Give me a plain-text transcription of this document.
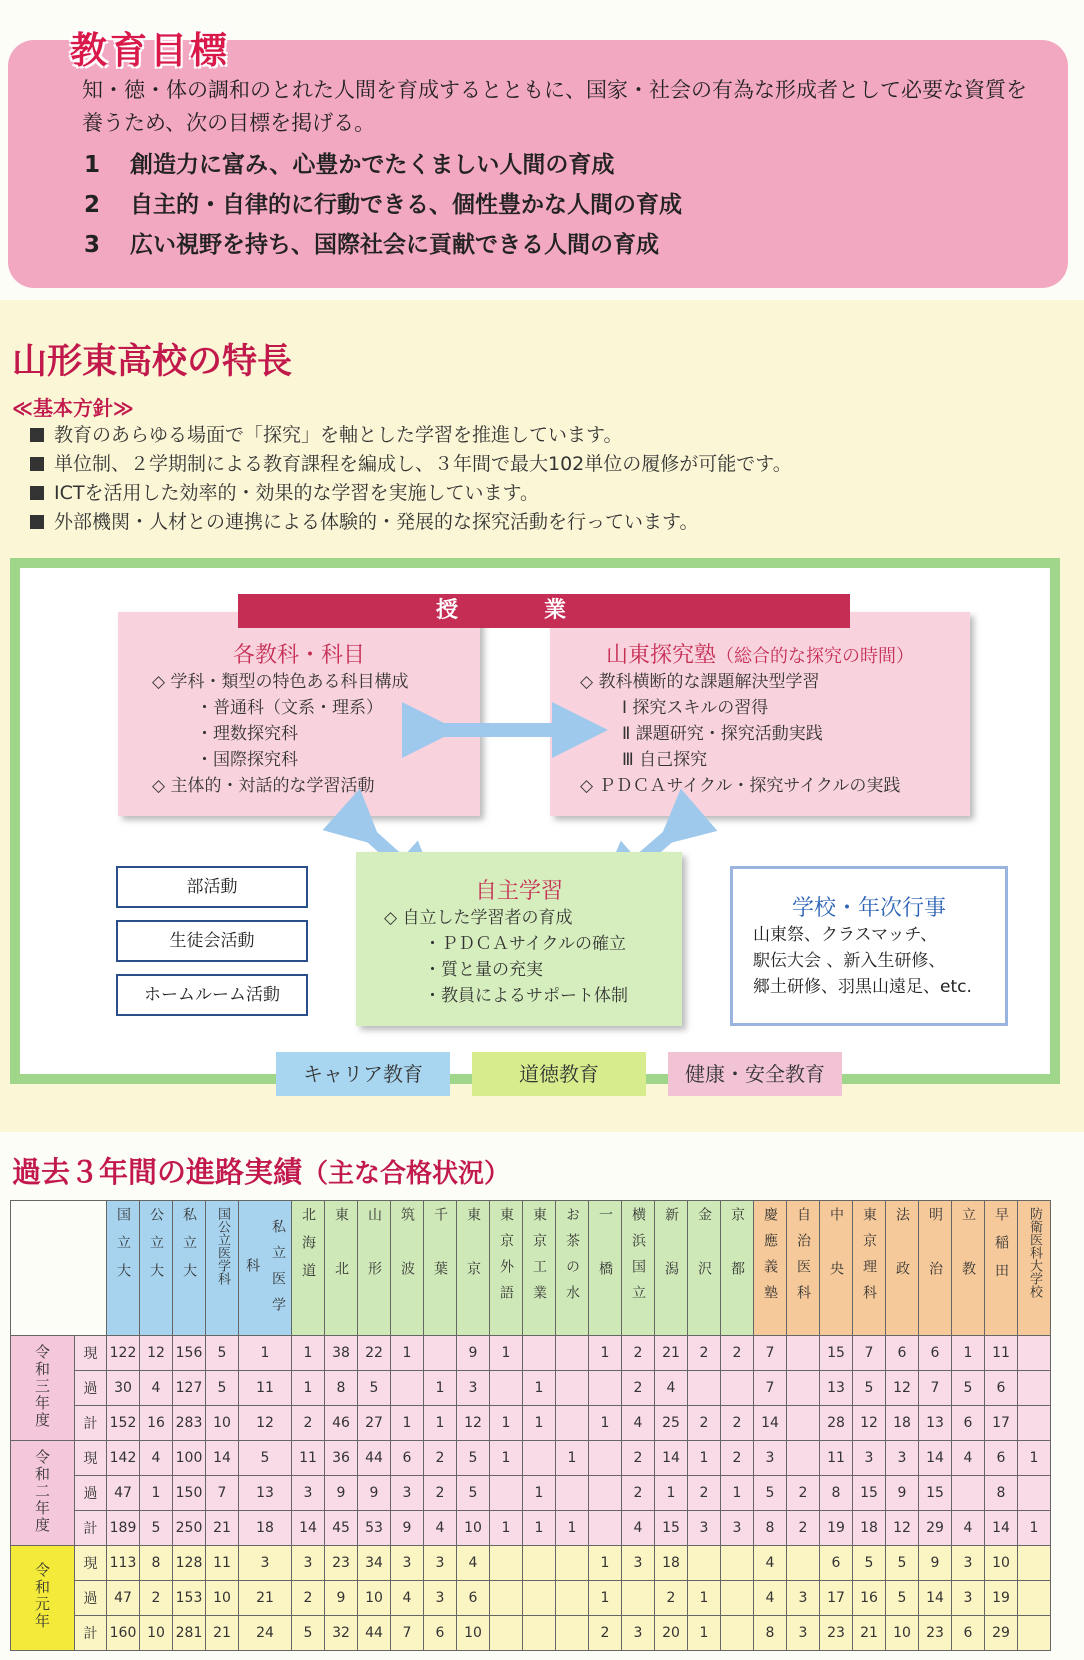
教育目標
知・徳・体の調和のとれた人間を育成するとともに、国家・社会の有為な形成者として必要な資質を養うため、次の目標を掲げる。
1 創造力に富み、心豊かでたくましい人間の育成
2 自主的・自律的に行動できる、個性豊かな人間の育成
3 広い視野を持ち、国際社会に貢献できる人間の育成
山形東高校の特長
≪基本方針≫
教育のあらゆる場面で「探究」を軸とした学習を推進しています。
単位制、２学期制による教育課程を編成し、３年間で最大102単位の履修が可能です。
ICTを活用した効率的・効果的な学習を実施しています。
外部機関・人材との連携による体験的・発展的な探究活動を行っています。
各教科・科目
◇ 学科・類型の特色ある科目構成
・普通科（文系・理系）
・理数探究科
・国際探究科
◇ 主体的・対話的な学習活動
山東探究塾（総合的な探究の時間）
◇ 教科横断的な課題解決型学習
Ⅰ 探究スキルの習得
Ⅱ 課題研究・探究活動実践
Ⅲ 自己探究
◇ ＰＤＣＡサイクル・探究サイクルの実践
授業
自主学習
◇ 自立した学習者の育成
・ＰＤＣＡサイクルの確立
・質と量の充実
・教員によるサポート体制
部活動
生徒会活動
ホームルーム活動
学校・年次行事
山東祭、クラスマッチ、
駅伝大会 、新入生研修、
郷土研修、羽黒山遠足、etc.
キャリア教育	道徳教育	健康・安全教育
過去３年間の進路実績（主な合格状況）
		国立大	公立大	私立大	国公立医学科	私立医学科	北海道	東北	山形	筑波	千葉	東京	東京外語	東京工業	お茶の水	一橋	横浜国立	新潟	金沢	京都	慶應義塾	自治医科	中央	東京理科	法政	明治	立教	早稲田	防衛医科大学校
令和三年度	現	122	12	156	5	1	1	38	22	1		9	1			1	2	21	2	2	7		15	7	6	6	1	11	
	過	30	4	127	5	11	1	8	5		1	3		1			2	4			7		13	5	12	7	5	6	
	計	152	16	283	10	12	2	46	27	1	1	12	1	1		1	4	25	2	2	14		28	12	18	13	6	17	
令和二年度	現	142	4	100	14	5	11	36	44	6	2	5	1		1		2	14	1	2	3		11	3	3	14	4	6	1
	過	47	1	150	7	13	3	9	9	3	2	5		1			2	1	2	1	5	2	8	15	9	15		8	
	計	189	5	250	21	18	14	45	53	9	4	10	1	1	1		4	15	3	3	8	2	19	18	12	29	4	14	1
令和元年	現	113	8	128	11	3	3	23	34	3	3	4				1	3	18			4		6	5	5	9	3	10	
	過	47	2	153	10	21	2	9	10	4	3	6				1		2	1		4	3	17	16	5	14	3	19	
	計	160	10	281	21	24	5	32	44	7	6	10				2	3	20	1		8	3	23	21	10	23	6	29	
